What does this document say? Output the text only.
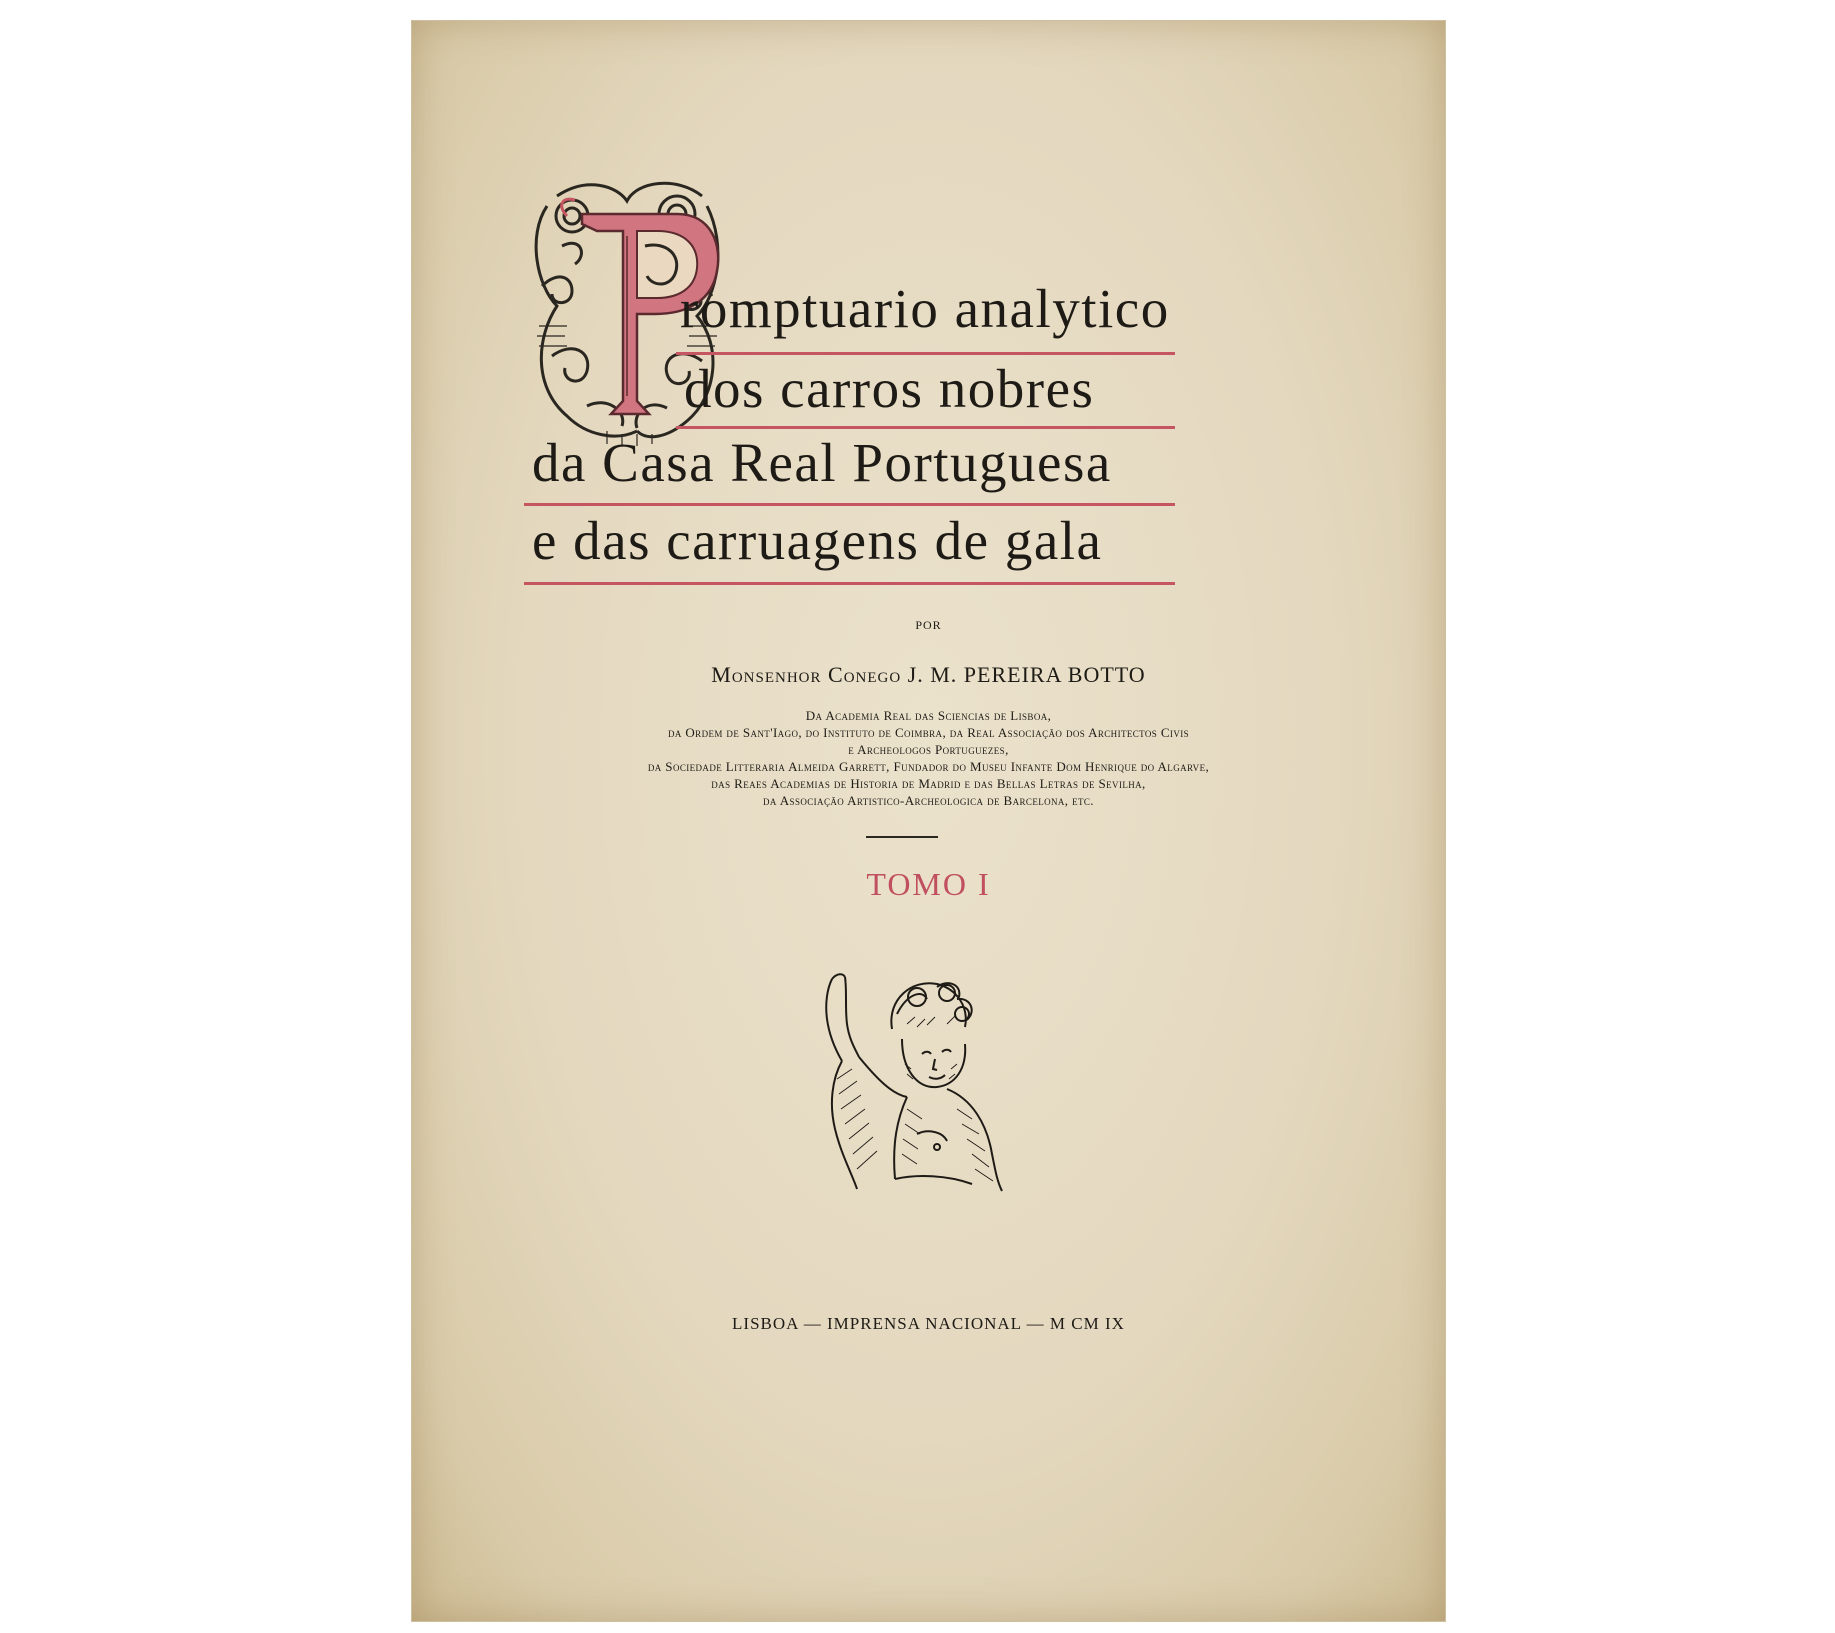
romptuario analytico
dos carros nobres
da Casa Real Portuguesa
e das carruagens de gala
POR
Monsenhor Conego J. M. PEREIRA BOTTO
Da Academia Real das Sciencias de Lisboa,
da Ordem de Sant'Iago, do Instituto de Coimbra, da Real Associação dos Architectos Civis
e Archeologos Portuguezes,
da Sociedade Litteraria Almeida Garrett, Fundador do Museu Infante Dom Henrique do Algarve,
das Reaes Academias de Historia de Madrid e das Bellas Letras de Sevilha,
da Associação Artistico-Archeologica de Barcelona, etc.
TOMO I
LISBOA — IMPRENSA NACIONAL — M CM IX
